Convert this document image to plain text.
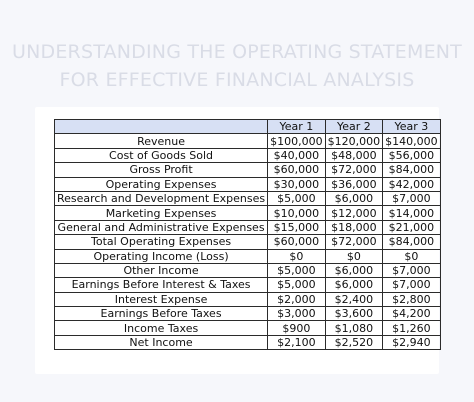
UNDERSTANDING THE OPERATING STATEMENT
FOR EFFECTIVE FINANCIAL ANALYSIS
	Year 1	Year 2	Year 3
Revenue	$100,000	$120,000	$140,000
Cost of Goods Sold	$40,000	$48,000	$56,000
Gross Profit	$60,000	$72,000	$84,000
Operating Expenses	$30,000	$36,000	$42,000
Research and Development Expenses	$5,000	$6,000	$7,000
Marketing Expenses	$10,000	$12,000	$14,000
General and Administrative Expenses	$15,000	$18,000	$21,000
Total Operating Expenses	$60,000	$72,000	$84,000
Operating Income (Loss)	$0	$0	$0
Other Income	$5,000	$6,000	$7,000
Earnings Before Interest & Taxes	$5,000	$6,000	$7,000
Interest Expense	$2,000	$2,400	$2,800
Earnings Before Taxes	$3,000	$3,600	$4,200
Income Taxes	$900	$1,080	$1,260
Net Income	$2,100	$2,520	$2,940
